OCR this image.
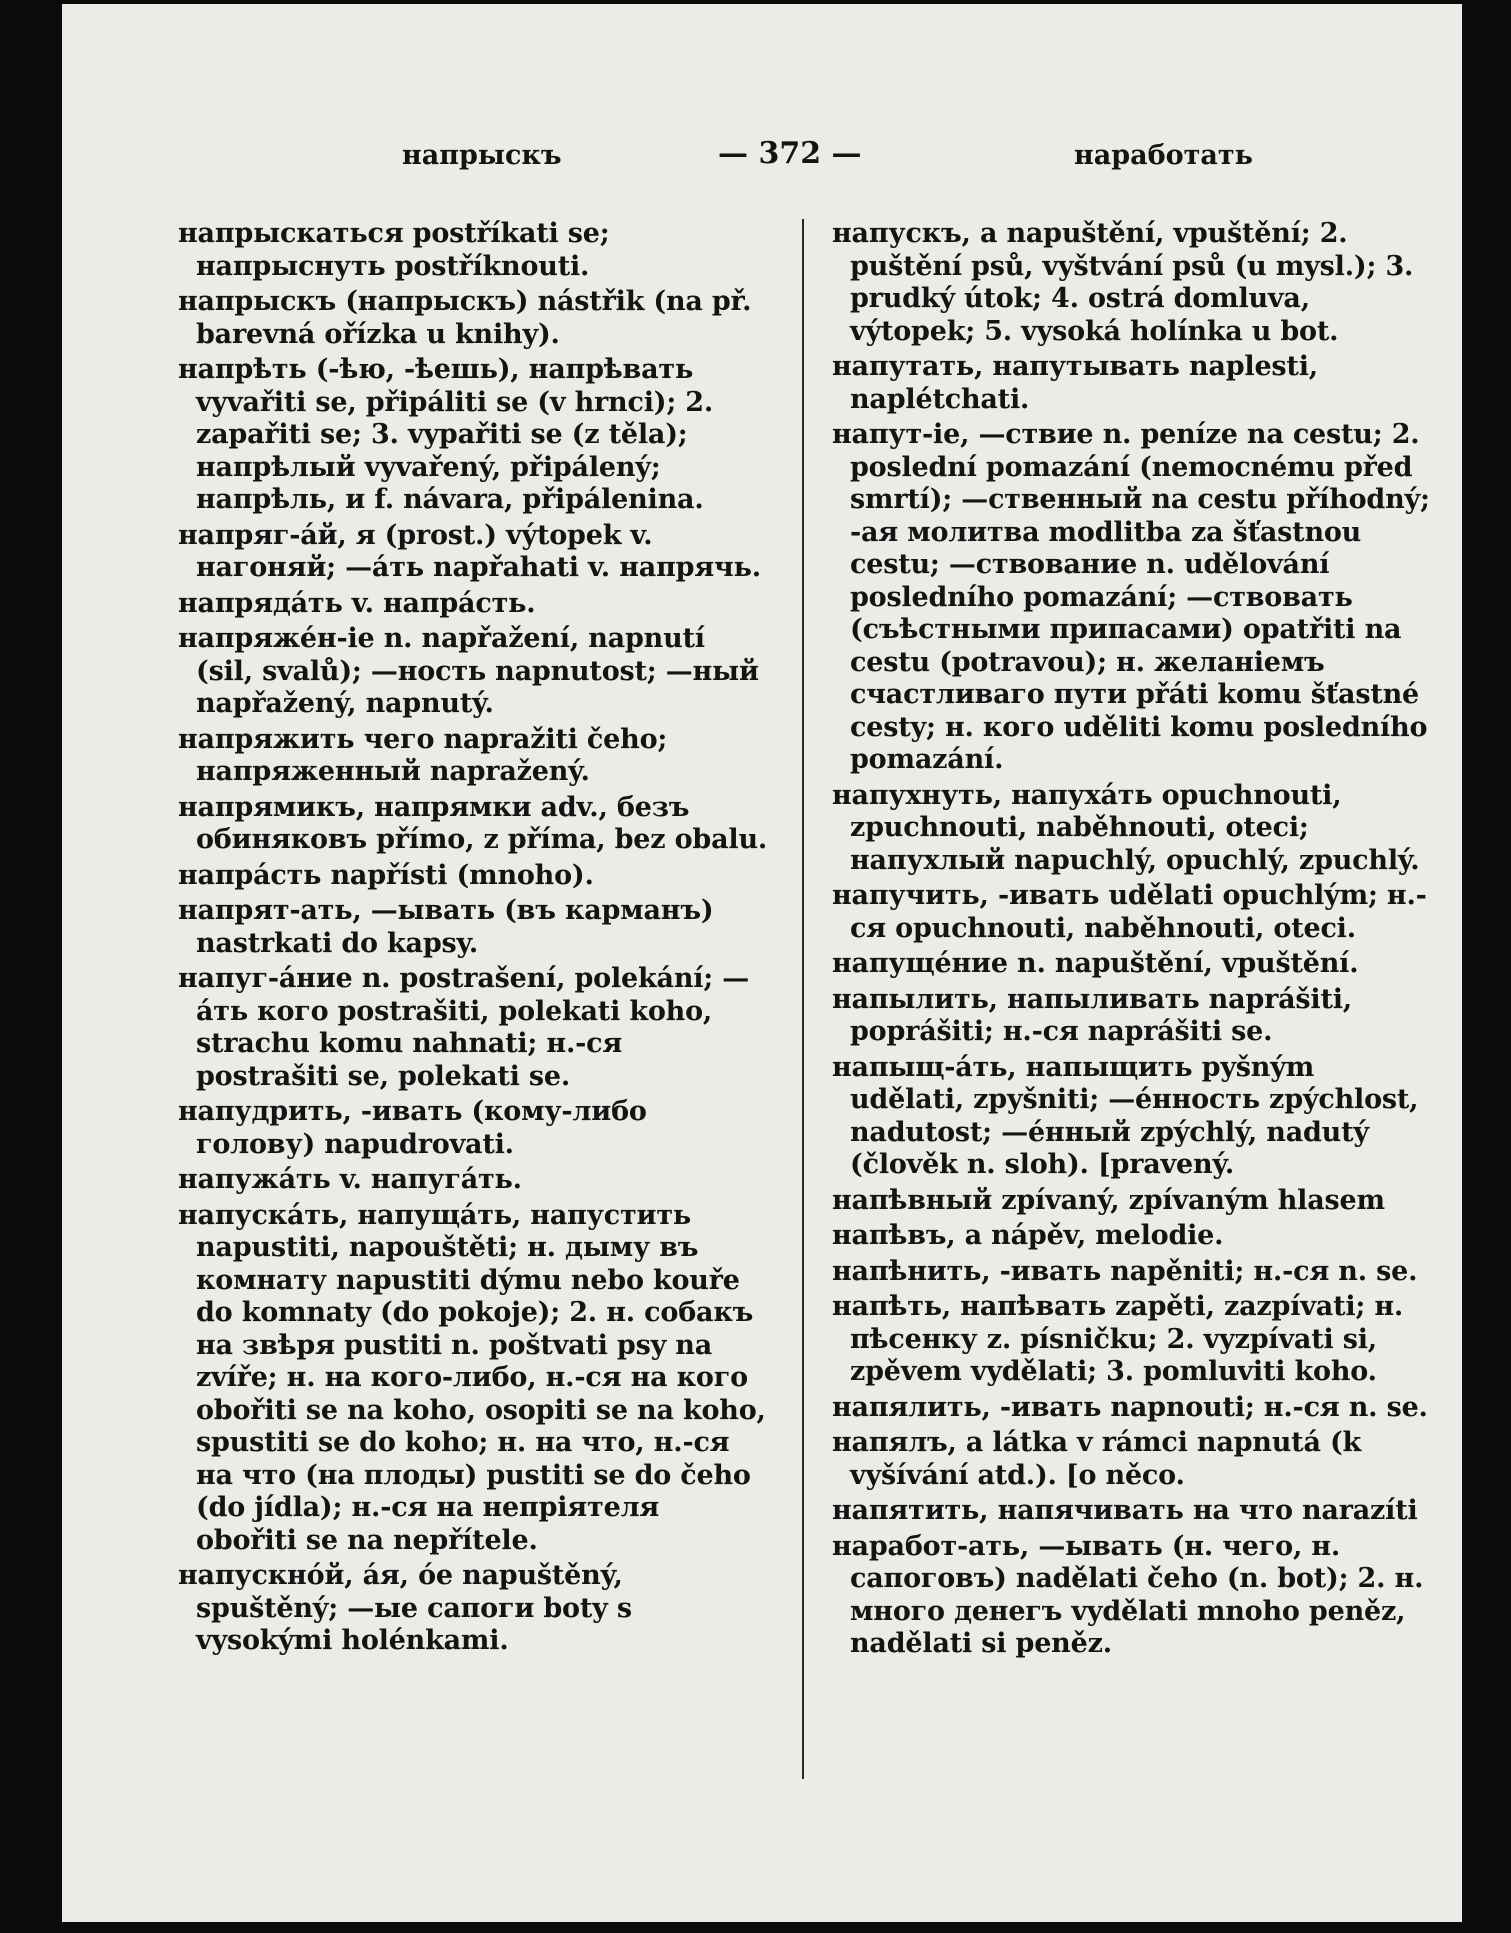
напрыскъ	— 372 —	наработать

напрыскаться postříkati se; напрыснуть postříknouti.

напрыскъ (напрыскъ) nástřik (na př. barevná ořízka u knihy).

напрѣть (-ѣю, -ѣешь), напрѣвать vyvařiti se, připáliti se (v hrnci); 2. zapařiti se; 3. vypařiti se (z těla); напрѣлый vyvařený, připálený; напрѣль, и f. návara, připálenina.

напряг-áй, я (prost.) výtopek v. нагоняй; —áть napřahati v. напрячь.

напрядáть v. напрáсть.

напряжéн-ie n. napřažení, napnutí (sil, svalů); —ность napnutost; —ный napřažený, napnutý.

напряжить чего napražiti čeho; напряженный napražený.

напрямикъ, напрямки adv., безъ обиняковъ přímo, z přímа, bez obalu.

напрáсть napřísti (mnoho).

напрят-ать, —ывать (въ карманъ) nastrkati do kapsy.

напуг-áние n. postrašení, polekání; —áть кого postrašiti, polekati koho, strachu komu nahnati; н.-ся postrašiti se, polekati se.

напудрить, -ивать (кому-либо голову) napudrovati.

напужáть v. напугáть.

напускáть, напущáть, напустить napustiti, napouštěti; н. дыму въ комнату napustiti dýmu nebo kouře do komnaty (do pokoje); 2. н. собакъ на звѣря pustiti n. poštvati psy na zvíře; н. на кого-либо, н.-ся на кого obořiti se na koho, osopiti se na koho, spustiti se do koho; н. на что, н.-ся на что (на плоды) pustiti se do čeho (do jídla); н.-ся на непріятеля obořiti se na nepřítele.

напускнóй, áя, óе napuštěný, spuštěný; —ые сапоги boty s vysokými holénkami.

напускъ, а napuštění, vpuštění; 2. puštění psů, vyštvání psů (u mysl.); 3. prudký útok; 4. ostrá domluva, výtopek; 5. vysoká holínka u bot.

напутать, напутывать naplesti, naplétchati.

напут-ie, —ствие n. peníze na cestu; 2. poslední pomazání (nemocnému před smrtí); —ственный na cestu příhodný; -ая молитва modlitba za šťastnou cestu; —ствование n. udělování posledního pomazání; —ствовать (съѣстными припасами) opatřiti na cestu (potravou); н. желаніемъ счастливаго пути přáti komu šťastné cesty; н. кого uděliti komu posledního pomazání.

напухнуть, напухáть opuchnouti, zpuchnouti, naběhnouti, oteci; напухлый napuchlý, opuchlý, zpuchlý.

напучить, -ивать udělati opuchlým; н.-ся opuchnouti, naběhnouti, oteci.

напущéние n. napuštění, vpuštění.

напылить, напыливать naprášiti, poprášiti; н.-ся naprášiti se.

напыщ-áть, напыщить pyšným udělati, zpyšniti; —éнность zpýchlost, nadutost; —éнный zpýchlý, nadutý (člověk n. sloh). [pravený.

напѣвный zpívaný, zpívaným hlasem

напѣвъ, а nápěv, melodie.

напѣнить, -ивать napěniti; н.-ся n. se.

напѣть, напѣвать zapěti, zazpívati; н. пѣсенку z. písničku; 2. vyzpívati si, zpěvem vydělati; 3. pomluviti koho.

напялить, -ивать napnouti; н.-ся n. se.

напялъ, а látka v rámci napnutá (k vyšívání atd.). [o něco.

напятить, напячивать на что narazíti

наработ-ать, —ывать (н. чего, н. сапоговъ) nadělati čeho (n. bot); 2. н. много денегъ vydělati mnoho peněz, nadělati si peněz.
